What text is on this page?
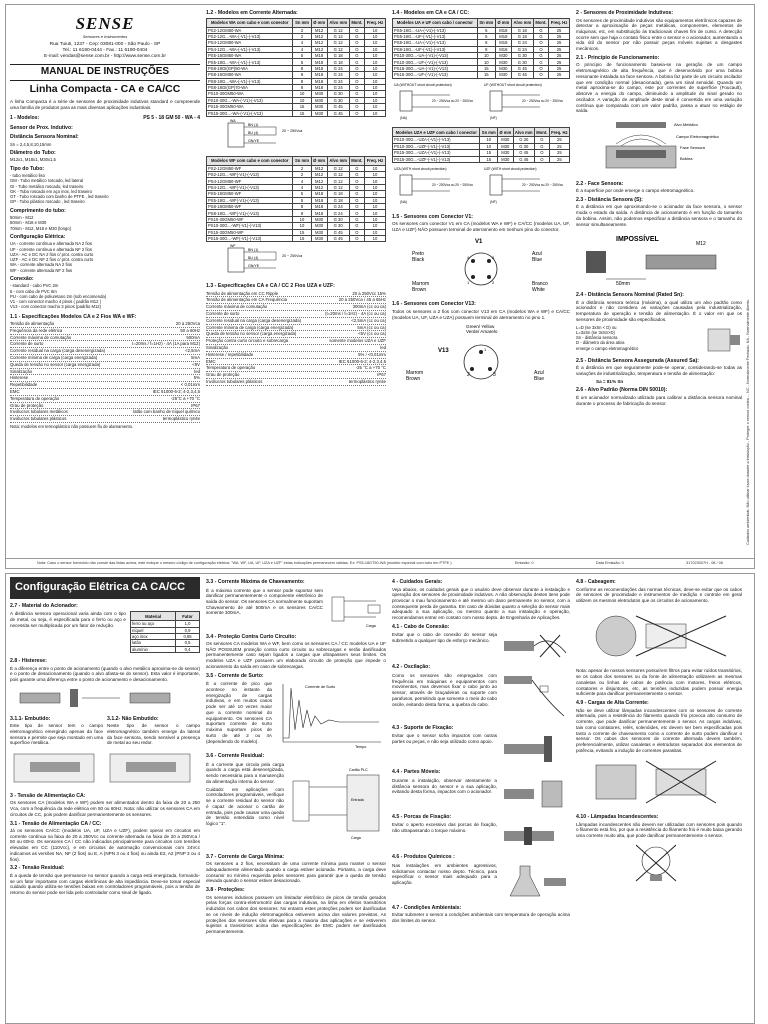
SENSE
Sensores e Instrumentos
Rua Tuiuti, 1237 - Cep: 03081-000 - São Paulo - SP
Tel.: 11 6190-0444 - Fax.: 11 6190-0404
E-mail: vendas@sense.com.br - http://www.sense.com.br
MANUAL DE INSTRUÇÕES
Linha Compacta - CA e CA/CC
A linha Compacta é a série de sensores de proximidade indutivos standard e compreende uma família de produtos para as mais diversas aplicações industriais.
1 - Modelos:	PS 5 - 18 GM 50 - WA - 4
Sensor de Prox. Indutivo:
Distância Sensora Nominal:
Sn = 2,4,5,8,10,15mm
Diâmetro do Tubo:
M12x1, M18x1, M30x1,5
Tipo do Tubo:
- tubo metálico liso
GM - Tubo metálico roscado, led lateral
GI - Tubo metálico roscado, led traseiro
GK - Tubo roscado em aço inox, led traseiro
GT - Tubo roscado com banho de PTFE , led traseiro
GP - Tubo plástico roscado , led traseiro
Comprimento do tubo:
50mm - M12
50mm - M18 e M30
70mm - M12, M18 e M30 (longo)
Configuração Elétrica:
UA - corrente contínua e alternada NA 2 fios
UF - corrente contínua e alternada NF 2 fios
UZA - AC e DC NA 2 fios c/ prot. contra curto
UZF - AC e DC NF 2 fios c/ prot. contra curto
WA - corrente alternada NA 2 fios
WF - corrente alternada NF 2 fios
Conexão:
- standard - cabo PVC 2m
6 - com cabo de PVC 6m
PU - com cabo de poliuretano 2m (sob encomenda)
V1 - com conector macho 4 pinos ( padrão M12 )
V13 - com conector macho 3 pinos (padrão M12)
1.1 - Especificações Modelos CA e 2 Fios WA e WF:
Tensão de alimentação	20 a 250Vca
Frequência da rede elétrica	50 a 60Hz
Corrente máxima de comutação	500mA
Corrente de surto	I=20ms / f=1Hz) - 4A (1A para M12)
Corrente residual na carga (carga desenergizada)	<2,5mA
Corrente mínima de carga (carga energizada)	5mA
Queda de tensão no sensor (carga energizada)	<9V
Sinalização	led
Histerese	5%
Repetibilidade	< 0,01mm
EMC	IEC 61000-6-2; 4-2,3,4,5
Temperatura de operação	-25°C a +70 °C
Grau de proteção	IP67
Invólucros tubulares metálicos	latão com banho de níquel químico
Invólucros tubulares plásticos	termoplástico rynite
Nota: modelos em termoplástico não possuem flu de alamamento.
1.2 - Modelos em Corrente Alternada:
Modelos WA com cabo e com conector	Sn mm	Ø mm	Alvo mm	Mont.	Freq. Hz
PS2-12GM50-WA	2	M12	G 12	G	10
PS2-12G...-WA-(-V1)-(-V13)	2	M12	G 12	G	10
PS4-12GM50-WA	4	M12	G 12	O	10
PS4-12G...-WA-(-V1)-(-V13)	4	M12	G 12	O	10
PS5-18GM50-WA	5	M18	G 18	G	10
PS5-18G...-WA-(-V1)-(-V13)	5	M18	G 18	G	10
PS8-18GI(GP)50-WA	8	M18	G 24	O	10
PS8-18GM50-WA	8	M18	G 24	O	10
PS8-18G...-WA-(-V1)-(-V13)	8	M18	G 24	O	10
PS8-18GI(GP)70-WA	8	M18	G 24	O	10
PS10-30GM50-WA	10	M30	G 30	G	10
PS10-30G...-WA-(-V1)-(-V13)	10	M30	G 30	G	10
PS15-30GM50-WA	15	M30	G 45	O	10
PS15-30G...-WA-(-V1)-(-V13)	15	M30	G 45	O	10
BN (1)
BU (4)
GN/YE
WA
20 ~ 250Vca
Modelos WF com cabo e com conector	Sn mm	Ø mm	Alvo mm	Mont.	Freq. Hz
PS2-12GM50-WF	2	M12	G 12	G	10
PS2-12G...-WF(-V1)-(-V13)	2	M12	G 12	G	10
PS4-12GM50-WF	4	M12	G 12	O	10
PS4-12G...-WF(-V1)-(-V13)	4	M12	G 12	O	10
PS5-18GM50-WF	5	M18	G 18	G	10
PS5-18G...-WF(-V1)-(-V13)	5	M18	G 18	G	10
PS8-18GM50-WF	8	M18	G 24	O	10
PS8-18G...-WF(-V1)-(-V13)	8	M18	G 24	O	10
PS10-30GM50-WF	10	M30	G 30	G	10
PS10-30G...-WF(-V1)-(-V13)	10	M30	G 30	G	10
PS15-30GM50-WF	15	M30	G 45	O	10
PS15-30G...-WF(-V1)-(-V13)	15	M30	G 45	O	10
BN (1)
BU (4)
GN/YE
WF
20 ~ 250Vca
1.3 - Especificações CA e CA / CC 2 Fios UZA e UZF:
Tensão de alimentação em CC Ripple	20 a 250Vcc 15%
Tensão de alimentação em CA Frequência	20 a 250Vca / 45 a 65Hz
Corrente máxima de comutação	300mA (cc ou ca)
Corrente de surto	(t=20ms / f=1Hz) - 4A (cc ou ca)
Corrente residual na carga (carga desenergizada)	<2,5mA (cc ou ca)
Corrente mínima de carga (carga energizada)	5mA (cc ou ca)
Queda de tensão no sensor (carga energizada)	<5V (cc ou ca)
Proteção contra curto circuito e sobrecarga	somente modelos UZA e UZF
Sinalização	led
Histerese / repetibilidade	5% / <0,01mm
EMC	IEC 61000-6-2; 4-2,3,4,5
Temperatura de operação	-25 °C a +70 °C
Grau de proteção	IP67
Invólucros tubulares plásticos	termoplástico rynite
1.4 - Modelos em CA e CA / CC:
Modelos UA e UF com cabo / conector	Sn mm	Ø mm	Alvo mm	Mont.	Freq. Hz
PS5-18G...-UA-(-V1)-(-V13)	5	M18	G 18	G	25
PS5-18G...-UF-(-V1)-(-V13)	5	M18	G 18	G	25
PS8-18G...-UA-(-V1)-(-V13)	8	M18	G 24	O	25
PS8-18G...-UF-(-V1)-(-V13)	8	M18	G 24	O	25
PS10-30G...-UA-(-V1)-(-V13)	10	M30	G 30	G	25
PS10-30G...-UF-(-V1)-(-V13)	10	M30	G 30	G	25
PS15-30G...-UA-(-V1)-(-V13)	15	M30	G 45	O	25
PS15-30G...-UF-(-V1)-(-V13)	15	M30	G 45	O	25
UA (WITHOUT short circuit protection)	UF (WITHOUT short circuit protection)
20 ~ 250Vca ou 20 ~ 250Vcc	20 ~ 250Vca ou 20 ~ 250Vcc
(NA)	(NF)
Modelos UZA e UZF com cabo / conector	Sn mm	Ø mm	Alvo mm	Mont.	Freq. Hz
PS10-30G...-UZA-(-V1)-(-V13)	10	M30	G 30	G	25
PS10-30G...-UZF-(-V1)-(-V13)	10	M30	G 30	G	25
PS15-30G...-UZA-(-V1)-(-V13)	15	M30	G 45	O	25
PS15-30G...-UZF-(-V1)-(-V13)	15	M30	G 45	O	25
UZA (WITH short circuit protection)	UZF (WITH short circuit protection)
20 ~ 250Vca ou 20 ~ 250Vcc	20 ~ 250Vca ou 20 ~ 250Vcc
(NA)	(NF)
1.5 - Sensores com Conector V1:
Os sensores com conector V1 em CA (modelos WA e WF) e CA/CC (modelos UA, UF, UZA e UZF) NÃO possuem terminal de aterramento em nenhum pino do conector.
V1
4	3
1	2
Preto
Black
Azul
Blue
Marrom
Brown
Branco
White
1.6 - Sensores com Conector V13:
Todos os sensores a 2 fios com conector V13 em CA (modelos WA e WF) e CA/CC (modelos UA, UF, UZA e UZA) possuem terminal de aterramento no pino 1.
Green/ Yellow
Verde/ Amarelo
V13	1
2	3
Marrom
Brown
Azul
Blue
2 - Sensores de Proximidade Indutivos:
Os sensores de proximidade indutivos são equipamentos eletrônicos capazes de detectar a aproximação de peças metálicas, componentes, elementos de máquinas, etc, em substituição às tradicionais chaves fim de curso. A detecção ocorre sem que haja o contato físico entre o sensor e o acionador, aumentando a vida útil do sensor por não possuir peças móveis sujeitas a desgastes mecânicos.
2.1 - Princípio de Funcionamento:
O princípio de funcionamento baseia-se na geração de um campo eletromagnético de alta frequência, que é desenvolvido por uma bobina ressonante instalada na face sensora. A bobina faz parte de um circuito oscilador que em condição normal (desacionada), gera um sinal senoidal. Quando um metal aproxima-se do campo, este por correntes de superfície (Foucault), absorve a energia do campo, diminuindo a amplitude do sinal gerado no oscilador. A variação de amplitude deste sinal é convertida em uma variação contínua que comparada com um valor padrão, passa a atuar no estágio de saída.
Alvo Metálico
Campo Eletromagnético
Face Sensora
Bobina
2.2 - Face Sensora:
É a superfície por onde emerge o campo eletromagnético.
2.3 - Distância Sensora (S):
É a distância em que aproximando-se o acionador da face sensora, o sensor muda o estado da saída. A distância de acionamento é em função do tamanho da bobina. Assim, não podemos especificar a distância sensora e o tamanho do sensor simultaneamente.
IMPOSSÍVEL
M12
50mm
2.4 - Distância Sensora Nominal (Rated Sn):
É a distância sensora teórica (máxima), a qual utiliza um alvo padrão como acionador e não considera as variações causadas pela industrialização, temperatura de operação e tensão de alimentação. É o valor em que os sensores de proximidade são especificados.
L=D (se 3xSn < D) ou
L=3xSn (se 3xSn>D)
Sn - distância sensora
D - diâmetro da área ativa
emerge o campo eletromagnético
2.5 - Distância Sensora Assegurada (Assured Sa):
É a distância em que seguramente pode-se operar, considerando-se todas as variações de industrialização, temperatura e tensão de alimentação:
Sa = 81% Sn
2.6 - Alvo Padrão (Norma DIN 50010):
É um acionador normalizado utilizado para calibrar a distância sensora nominal durante o processo de fabricação do sensor.	Cuidados ambientais: Não utilizar luvas durante a instalação - Proteger o sensor contra ... NC - Normalmente Fechado. NA - Normalmente Aberto.
Nota: Caso o sensor fornecido não conste das listas acima, este indique o mesmo código de configuração elétrica: "WA, WF, UA, UF, UZA e UZF" estas indicações permanecem válidas. Ex: PS5-18GT50-WA (modelo especial com tubo em PTFE ).	Emissão: 0	Data Emissão: 0	317023007H - 08 / 06
Configuração Elétrica CA CA/CC
2.7 - Material do Acionador:
A distância sensora operacional varia ainda com o tipo de metal, ou seja, é especificada para o ferro ou aço e necessita ser multiplicada por um fator de redução.
Material	Fator
ferro ou aço	1,0
níquel	0,9
aço inox	0,85
latão	0,5
alumínio	0,4
2.8 - Histerese:
É a diferença entre o ponto de acionamento (quando o alvo metálico aproxima-se do sensor) e o ponto de desacionamento (quando o alvo afasta-se do sensor). Esta valor é importante, pois garante uma diferença entre o ponto de acionamento e desacionamento.
3.1.1- Embutido:
Este tipo de sensor tem o campo eletromagnético emergindo apenas da face sensora e permite que seja montado em uma superfície metálica.
3.1.2- Não Embutido:
Neste tipo de sensor o campo eletromagnético também emerge da lateral da face sensora, sendo sensível a presença de metal ao seu redor.
3 - Tensão de Alimentação CA:
Os sensores CA (modelos WA e WF) podem ser alimentados dentro da faixa de 20 a 250 Vca, com a frequência da rede elétrica em 50 ou 60Hz. Nota: não utilizar os sensores CA em circuitos de CC, pois podem danificar permanentemente os sensores.
3.1 - Tensão de Alimentação CA / CC:
Já os sensores CA/CC (modelos UA, UF, UZA e UZF), podem operar em circuitos em corrente contínua na faixa de 20 a 250Vcc ou corrente alternada na faixa de 20 a 250Vca / 50 ou 60Hz. Os sensores CA / CC não indicados principalmente para circuitos com tensões elevadas em CC (110Vcc), e em circuitos de automação convencionais com 24Vcc indicamos as versões NA, NF (2 fios) ou E, A (NPN 3 ou 4 fios) ou ainda E2, A2 (PNP 3 ou 4 fios).
3.2 - Tensão Residual:
É a queda de tensão que permanece no sensor quando a carga está energizada, formando-se um fator importante com cargas eletrônicas de alta impedância. Deve-se tomar especial cuidado quando utiliza-se tensões baixas em controladores programáveis, pois a tensão de retorno do sensor pode ser lida pelo controlador como sinal de ligado.
3.3 - Corrente Máxima de Chaveamento:
É a máxima corrente que o sensor pode suportar sem danificar permanentemente o componente eletrônico de saída do sensor. Os sensores CA normalmente suportam Chaveamento de até 500mA e os sensores CA/CC somente 300mA.
Carga
3.4 - Proteção Contra Curto Circuito:
Os sensores CA modelos WA e WF, bem como os sensores CA / CC modelos UA e UF NÃO POSSUEM proteção contra curto circuito ou sobrecargas e serão danificados permanentemente caso sejam ligados a cargas que ultrapassem seus limites. Os modelos UZA e UZF possuem um elaborado circuito de proteção que impede o acionamento da saída em caso de sobrecargas.
3.5 - Corrente de Surto:
É a corrente de pico que acontece no instante da energização de cargas indutivas, e em muitos casos pode ser até 10 vezes maior que a corrente nominal do equipamento. Os sensores CA suportam corrente de surto máxima suportam picos de surto de até 2 ou 4A (dependendo do modelo).
Corrente de Surto
Tempo
3.6 - Corrente Residual:
É a corrente que circula pela carga quando a carga está desenergizada, sendo necessária para a manutenção da alimentação interna do sensor.
Cuidado: em aplicações com controladores programáveis, verifique se a corrente residual do sensor não é capaz de acionar o cartão de entrada, pois pode causar uma queda de tensão entendida como nível lógico "1".
Cartão PLC
Entrada
Carga
3.7 - Corrente de Carga Mínima:
Os sensores a 2 fios, necessitam de uma corrente mínima para manter o sensor adequadamente alimentado quando a carga estiver acionada. Portanto, a carga deve consumir no mínimo requerida pelos sensores para garantir que a queda de tensão elevada quando o sensor estiver desacionado.
3.8 - Proteções:
Os sensores indutivos possuem um limitador eletrônico de picos de tensão gerados pelas forças contra-eletromotriz das cargas indutivas, na linha em efeitos transitórios induzidos nos cabos dos sensores. No entanto estes proteções podem ser danificadas se os níveis de indução eletromagnética estiverem acima dos valores previstos. As proteções dos sensores são efetivas para a maioria das aplicações e se estiverem sujeitos a transitórios acima das especificações de EMC podem ser danificados permanentemente.
4 - Cuidados Gerais:
Veja abaixo, os cuidados gerais que o usuário deve observar durante a instalação e operação dos sensores de proximidade indutivos. A não observação destes itens pode provocar o mau funcionamento e até mesmo um dano permanente no sensor, com a consequente perda de garantia. Em caso de dúvidas quanto a seleção do sensor mais adequado a sua aplicação, ou mesmo quanto a sua instalação e operação, recomendamos entrar em contato com nosso depto. de Engenharia de Aplicações.
4.1 - Cabo de Conexão:
Evitar que o cabo de conexão do sensor seja submetido a qualquer tipo de esforço mecânico.
4.2 - Oscilação:
Como os sensores são empregados com frequência em máquinas e equipamentos com movimentos, mas devemos fixar o cabo junto ao sensor, através de braçadeiras ou suporte com parafusos, permitindo que somente o meio do cabo oscile, evitando desta forma, a quebra do cabo.
4.3 - Suporte de Fixação:
Evitar que o sensor sofra impactos com outras partes ou peças, e não seja utilizado como apoio.
4.4 - Partes Móveis:
Durante a instalação, observar atentamente a distância sensora do sensor e a sua aplicação, evitando desta forma, impactos com o acionador.
4.5 - Porcas de Fixação:
Evitar o aperto excessivo das porcas de fixação, não ultrapassando o torque máximo.
4.6 - Produtos Químicos :
Nas instalações em ambientes agressivos, solicitamos contactar nosso depto. Técnico, para especificar o sensor mais adequado para a aplicação.
4.7 - Condições Ambientais:
Evitar submeter o sensor a condições ambientais com temperatura de operação acima dos limites do sensor.
4.8 - Cabeagem:
Conforme as recomendações das normas técnicas, deve-se evitar que os cabos de sensores de proximidade e instrumentos de medição e controle em geral utilizem os mesmos eletrodutos que os circuitos de acionamento.
Nota: apesar de nossos sensores possuírem filtros para evitar ruídos transitórios, se os cabos dos sensores ou da fonte de alimentação utilizarem as mesmas canaletas ou linhas de cabos de potência com motores, freios elétricos, contatores e disjuntores, etc, as tensões induzidas podem possuir energia suficiente para danificar permanentemente o sensor.
4.9 - Cargas de Alta Corrente:
Não se deve utilizar lâmpadas incandescentes com os sensores de corrente alternada, pois a resistência do filamento quando frio provoca alto consumo de corrente, que pode danificar permanentemente o sensor. As cargas indutivas, tais como contatores, relés, solenóides, etc devem ser bem especificadas pois tanto a corrente de chaveamento como a corrente de surto podem danificar o sensor. Os cabos dos sensores de corrente alternada devem também, preferencialmente, utilizar canaletas e eletrodutos separados dos elementos de potência, evitando a indução de correntes parasitas.
4.10 - Lâmpadas Incandescentes:
Lâmpadas incandescentes não devem ser utilizadas com sensores pois quando o filamento está frio, por que a resistência do filamento frio é muito baixa gerando uma corrente muito alta, que pode danificar permanentemente o sensor.
